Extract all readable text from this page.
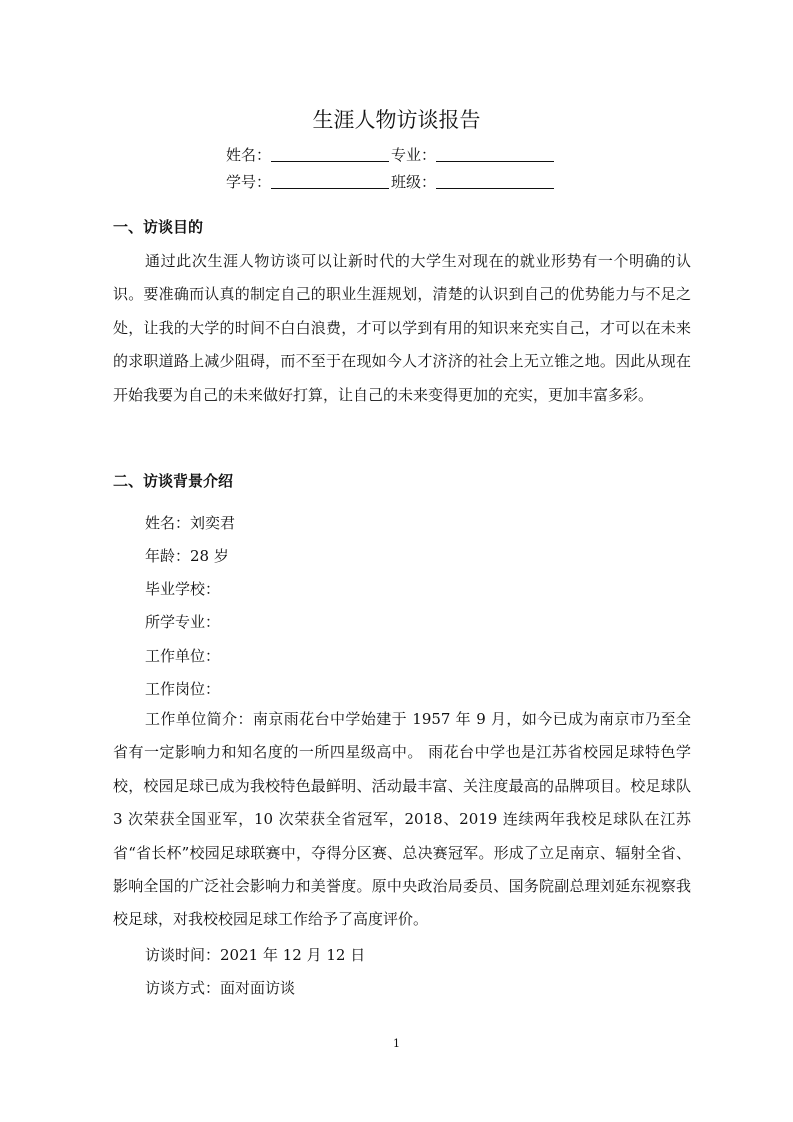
生涯人物访谈报告
姓名：	专业：
学号：	班级：
一、访谈目的
通过此次生涯人物访谈可以让新时代的大学生对现在的就业形势有一个明确的认识。要准确而认真的制定自己的职业生涯规划，清楚的认识到自己的优势能力与不足之处，让我的大学的时间不白白浪费，才可以学到有用的知识来充实自己，才可以在未来的求职道路上减少阻碍，而不至于在现如今人才济济的社会上无立锥之地。因此从现在开始我要为自己的未来做好打算，让自己的未来变得更加的充实，更加丰富多彩。
二、访谈背景介绍
姓名：刘奕君
年龄：28 岁
毕业学校：
所学专业：
工作单位：
工作岗位：
工作单位简介：南京雨花台中学始建于 1957 年 9 月，如今已成为南京市乃至全省有一定影响力和知名度的一所四星级高中。 雨花台中学也是江苏省校园足球特色学校，校园足球已成为我校特色最鲜明、活动最丰富、关注度最高的品牌项目。校足球队 3 次荣获全国亚军，10 次荣获全省冠军，2018、2019 连续两年我校足球队在江苏省“省长杯”校园足球联赛中，夺得分区赛、总决赛冠军。形成了立足南京、辐射全省、影响全国的广泛社会影响力和美誉度。原中央政治局委员、国务院副总理刘延东视察我校足球，对我校校园足球工作给予了高度评价。
访谈时间：2021 年 12 月 12 日
访谈方式：面对面访谈
1
